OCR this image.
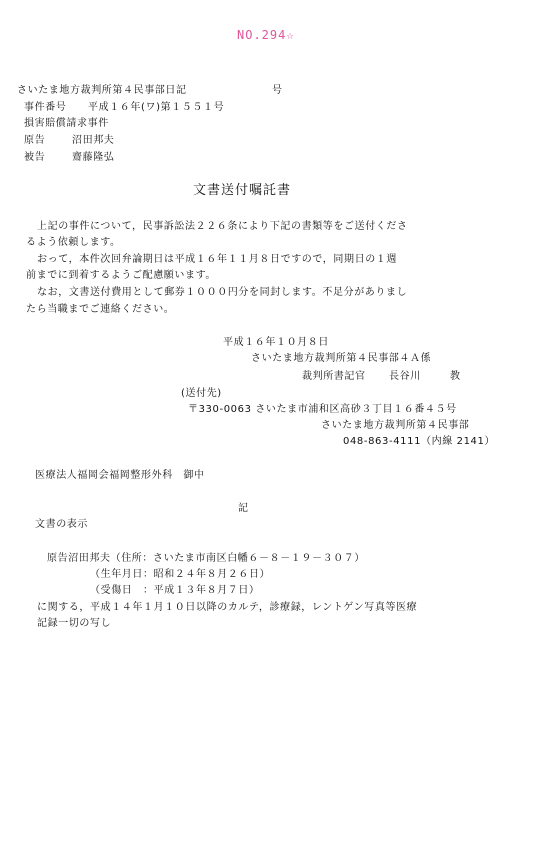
NO.294☆
さいたま地方裁判所第４民事部日記	号
事件番号 平成１６年(ワ)第１５５１号
損害賠償請求事件
原告	沼田邦夫
被告	齋藤隆弘
文書送付嘱託書
上記の事件について，民事訴訟法２２６条により下記の書類等をご送付くださ
るよう依頼します。
おって，本件次回弁論期日は平成１６年１１月８日ですので，同期日の１週
前までに到着するようご配慮願います。
なお，文書送付費用として郵券１０００円分を同封します。不足分がありまし
たら当職までご連絡ください。
平成１６年１０月８日
さいたま地方裁判所第４民事部４Ａ係
裁判所書記官 長谷川	教
(送付先)
〒330-0063 さいたま市浦和区高砂３丁目１６番４５号
さいたま地方裁判所第４民事部
048-863-4111（内線 2141）
医療法人福岡会福岡整形外科　御中
記
文書の表示
原告沼田邦夫（住所：さいたま市南区白幡６－８－１９－３０７）
（生年月日：昭和２４年８月２６日）
（受傷日　：平成１３年８月７日）
に関する，平成１４年１月１０日以降のカルテ，診療録，レントゲン写真等医療
記録一切の写し
